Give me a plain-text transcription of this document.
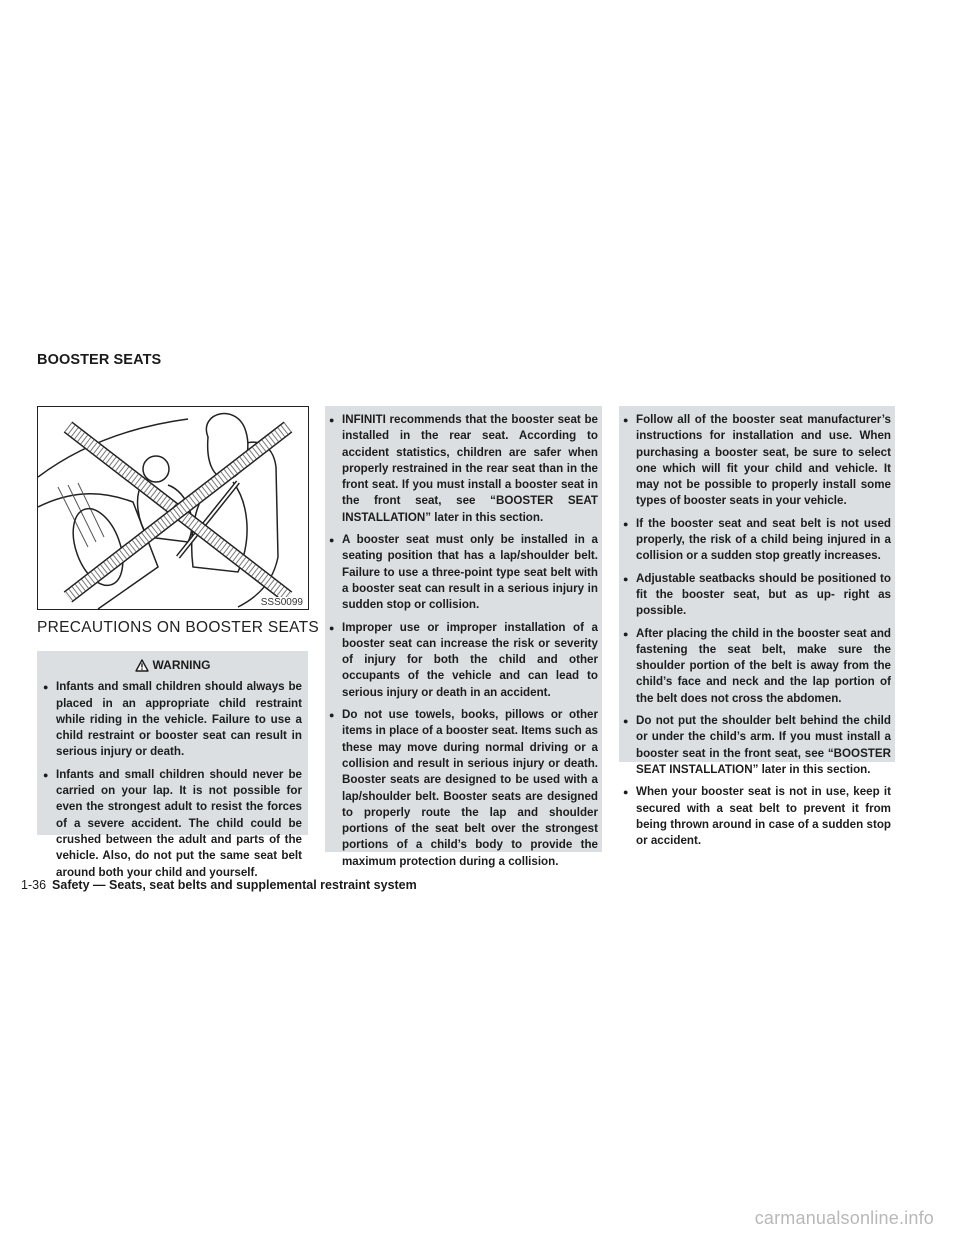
BOOSTER SEATS
SSS0099
PRECAUTIONS ON BOOSTER SEATS
WARNING
● Infants and small children should always be placed in an appropriate child restraint while riding in the vehicle. Failure to use a child restraint or booster seat can result in serious injury or death.
● Infants and small children should never be carried on your lap. It is not possible for even the strongest adult to resist the forces of a severe accident. The child could be crushed between the adult and parts of the vehicle. Also, do not put the same seat belt around both your child and yourself.
● INFINITI recommends that the booster seat be installed in the rear seat. According to accident statistics, children are safer when properly restrained in the rear seat than in the front seat. If you must install a booster seat in the front seat, see “BOOSTER SEAT INSTALLATION” later in this section.
● A booster seat must only be installed in a seating position that has a lap/shoulder belt. Failure to use a three-point type seat belt with a booster seat can result in a serious injury in sudden stop or collision.
● Improper use or improper installation of a booster seat can increase the risk or severity of injury for both the child and other occupants of the vehicle and can lead to serious injury or death in an accident.
● Do not use towels, books, pillows or other items in place of a booster seat. Items such as these may move during normal driving or a collision and result in serious injury or death. Booster seats are designed to be used with a lap/shoulder belt. Booster seats are designed to properly route the lap and shoulder portions of the seat belt over the strongest portions of a child’s body to provide the maximum protection during a collision.
● Follow all of the booster seat manufacturer’s instructions for installation and use. When purchasing a booster seat, be sure to select one which will fit your child and vehicle. It may not be possible to properly install some types of booster seats in your vehicle.
● If the booster seat and seat belt is not used properly, the risk of a child being injured in a collision or a sudden stop greatly increases.
● Adjustable seatbacks should be positioned to fit the booster seat, but as up- right as possible.
● After placing the child in the booster seat and fastening the seat belt, make sure the shoulder portion of the belt is away from the child’s face and neck and the lap portion of the belt does not cross the abdomen.
● Do not put the shoulder belt behind the child or under the child’s arm. If you must install a booster seat in the front seat, see “BOOSTER SEAT INSTALLATION” later in this section.
● When your booster seat is not in use, keep it secured with a seat belt to prevent it from being thrown around in case of a sudden stop or accident.
1-36 Safety — Seats, seat belts and supplemental restraint system
carmanualsonline.info
